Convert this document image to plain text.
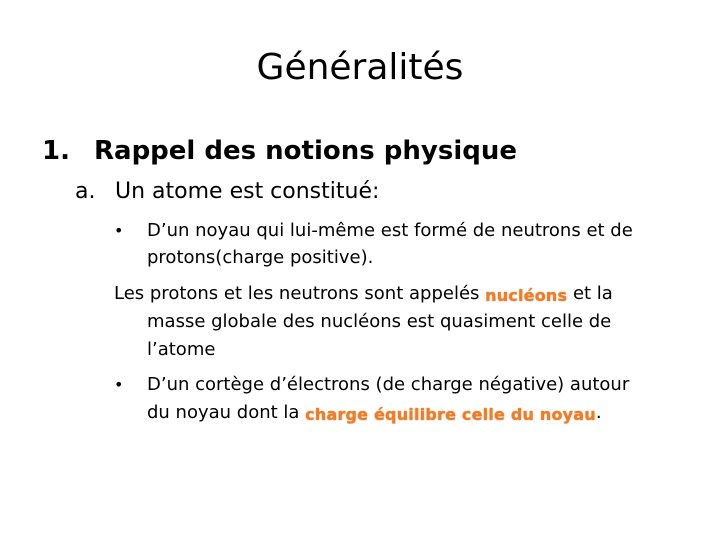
Généralités
1. Rappel des notions physique
a. Un atome est constitué:
• D’un noyau qui lui-même est formé de neutrons et de
protons(charge positive).
Les protons et les neutrons sont appelés nucléons et la
masse globale des nucléons est quasiment celle de
l’atome
• D’un cortège d’électrons (de charge négative) autour
du noyau dont la charge équilibre celle du noyau.
